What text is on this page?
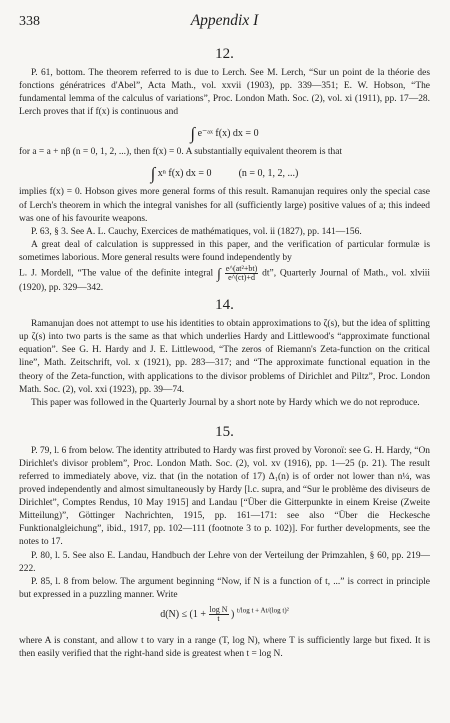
338	Appendix I
12.

P. 61, bottom. The theorem referred to is due to Lerch. See M. Lerch, “Sur un point de la théorie des fonctions génératrices d'Abel”, Acta Math., vol. xxvii (1903), pp. 339—351; E. W. Hobson, “The fundamental lemma of the calculus of variations”, Proc. London Math. Soc. (2), vol. xi (1911), pp. 17—28. Lerch proves that if f(x) is continuous and

∫ e⁻ᵃˣ f(x) dx = 0

for a = a + nβ (n = 0, 1, 2, ...), then f(x) = 0. A substantially equivalent theorem is that

∫ xⁿ f(x) dx = 0	(n = 0, 1, 2, ...)

implies f(x) = 0. Hobson gives more general forms of this result. Ramanujan requires only the special case of Lerch's theorem in which the integral vanishes for all (sufficiently large) positive values of a; this indeed was one of his favourite weapons.

P. 63, § 3. See A. L. Cauchy, Exercices de mathématiques, vol. ii (1827), pp. 141—156.

A great deal of calculation is suppressed in this paper, and the verification of particular formulæ is sometimes laborious. More general results were found independently by

L. J. Mordell, “The value of the definite integral ∫ $\frac{\text{e\textasciicircum{}(at²+bt)}}{e\^{}(ct)+d}$ dt”, Quarterly Journal of Math., vol. xlviii (1920), pp. 329—342.

14.

Ramanujan does not attempt to use his identities to obtain approximations to ζ(s), but the idea of splitting up ζ(s) into two parts is the same as that which underlies Hardy and Littlewood's “approximate functional equation”. See G. H. Hardy and J. E. Littlewood, “The zeros of Riemann's Zeta-function on the critical line”, Math. Zeitschrift, vol. x (1921), pp. 283—317; and “The approximate functional equation in the theory of the Zeta-function, with applications to the divisor problems of Dirichlet and Piltz”, Proc. London Math. Soc. (2), vol. xxi (1923), pp. 39—74.

This paper was followed in the Quarterly Journal by a short note by Hardy which we do not reproduce.

15.

P. 79, l. 6 from below. The identity attributed to Hardy was first proved by Voronoï: see G. H. Hardy, “On Dirichlet's divisor problem”, Proc. London Math. Soc. (2), vol. xv (1916), pp. 1—25 (p. 21). The result referred to immediately above, viz. that (in the notation of 17) Δ₁(n) is of order not lower than n¼, was proved independently and almost simultaneously by Hardy [l.c. supra, and “Sur le problème des diviseurs de Dirichlet”, Comptes Rendus, 10 May 1915] and Landau [“Über die Gitterpunkte in einem Kreise (Zweite Mitteilung)”, Göttinger Nachrichten, 1915, pp. 161—171: see also “Über die Heckesche Funktionalgleichung”, ibid., 1917, pp. 102—111 (footnote 3 to p. 102)]. For further developments, see the notes to 17.

P. 80, l. 5. See also E. Landau, Handbuch der Lehre von der Verteilung der Primzahlen, § 60, pp. 219—222.

P. 85, l. 8 from below. The argument beginning “Now, if N is a function of t, ...” is correct in principle but expressed in a puzzling manner. Write

$d(N) \le (1 + \frac{\text{log N}}{t}$ ) $^{t/log t + At/(log t)^2}$

where A is constant, and allow t to vary in a range (T, log N), where T is sufficiently large but fixed. It is then easily verified that the right-hand side is greatest when t = log N.
